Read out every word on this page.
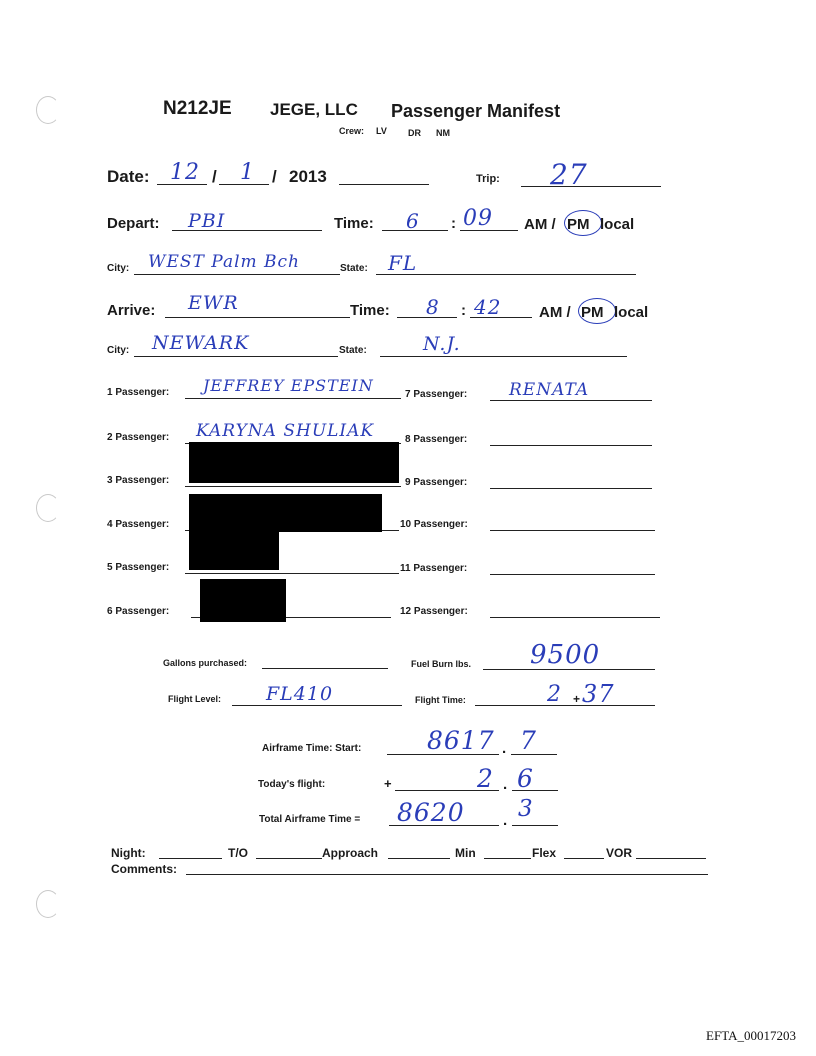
N212JE JEGE, LLC Passenger Manifest
Crew: LV DR NM
Date: 12 / 1 / 2013	Trip: 27
Depart: PBI	Time: 6 : 09 AM / PM local
City: WEST Palm Bch	State: FL
Arrive: EWR	Time: 8 : 42	AM / PM local
City: NEWARK	State:	N.J.
1 Passenger: JEFFREY EPSTEIN
2 Passenger: KARYNA SHULIAK
3 Passenger:
4 Passenger:
5 Passenger:
6 Passenger:
7 Passenger: RENATA
8 Passenger:
9 Passenger:
10 Passenger:
11 Passenger:
12 Passenger:
Gallons purchased:	Fuel Burn lbs. 9500
Flight Level: FL410	Flight Time:	2 + 37
Airframe Time: Start:	8617 . 7
Today's flight:	+	2 . 6
Total Airframe Time = 8620	. 3
Night:	T/O	Approach	Min	Flex	VOR
Comments:
EFTA_00017203
